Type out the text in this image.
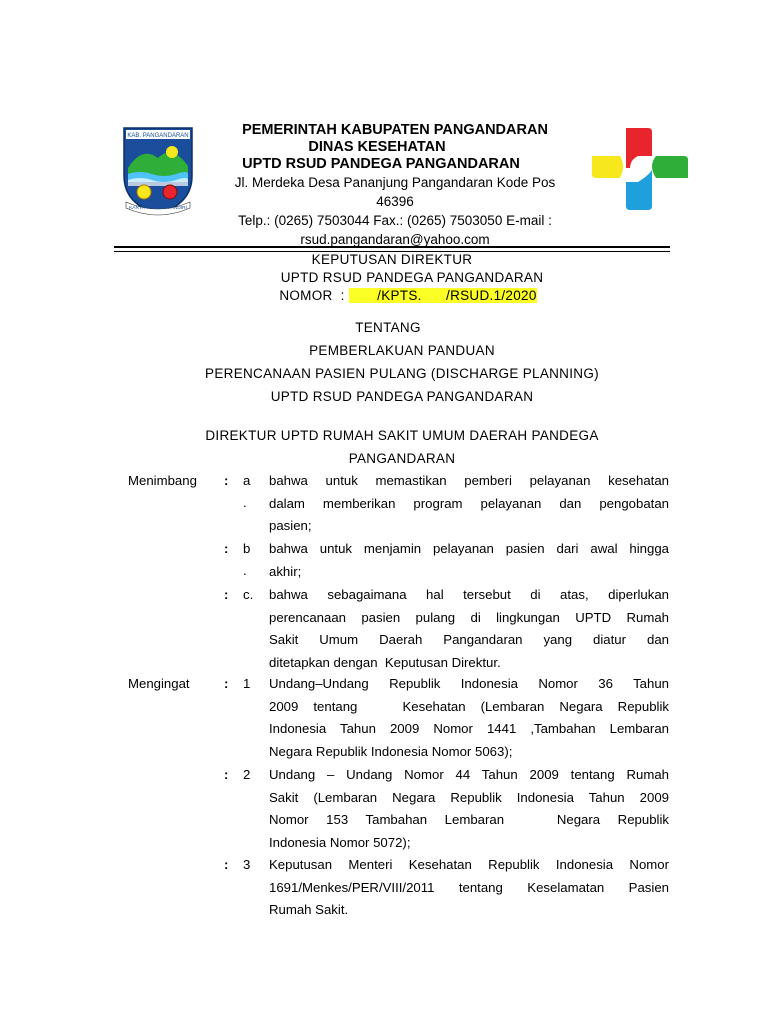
KAB. PANGANDARAN
KARYA WIBAWA MANDIRI
PEMERINTAH KABUPATEN PANGANDARAN
DINAS KESEHATAN
UPTD RSUD PANDEGA PANGANDARAN
Jl. Merdeka Desa Pananjung Pangandaran Kode Pos
46396
Telp.: (0265) 7503044 Fax.: (0265) 7503050 E-mail :
rsud.pangandaran@yahoo.com
KEPUTUSAN DIREKTUR
UPTD RSUD PANDEGA PANGANDARAN
NOMOR  :        /KPTS.      /RSUD.1/2020
TENTANG
PEMBERLAKUAN PANDUAN
PERENCANAAN PASIEN PULANG (DISCHARGE PLANNING)
UPTD RSUD PANDEGA PANGANDARAN
DIREKTUR UPTD RUMAH SAKIT UMUM DAERAH PANDEGA
PANGANDARAN
Menimbang : a
.
bahwa untuk memastikan pemberi pelayanan kesehatan
dalam memberikan program pelayanan dan pengobatan
pasien;
: b
.
bahwa untuk menjamin pelayanan pasien dari awal hingga
akhir;
: c. bahwa sebagaimana hal tersebut di atas, diperlukan
perencanaan pasien pulang di lingkungan UPTD Rumah
Sakit Umum Daerah Pangandaran yang diatur dan
ditetapkan dengan  Keputusan Direktur.
Mengingat	: 1 Undang–Undang Republik Indonesia Nomor 36 Tahun
2009 tentang   Kesehatan (Lembaran Negara Republik
Indonesia Tahun 2009 Nomor 1441 ,Tambahan Lembaran
Negara Republik Indonesia Nomor 5063);
: 2 Undang – Undang Nomor 44 Tahun 2009 tentang Rumah
Sakit (Lembaran Negara Republik Indonesia Tahun 2009
Nomor 153 Tambahan Lembaran   Negara Republik
Indonesia Nomor 5072);
: 3 Keputusan Menteri Kesehatan Republik Indonesia Nomor
1691/Menkes/PER/VIII/2011 tentang Keselamatan Pasien
Rumah Sakit.
